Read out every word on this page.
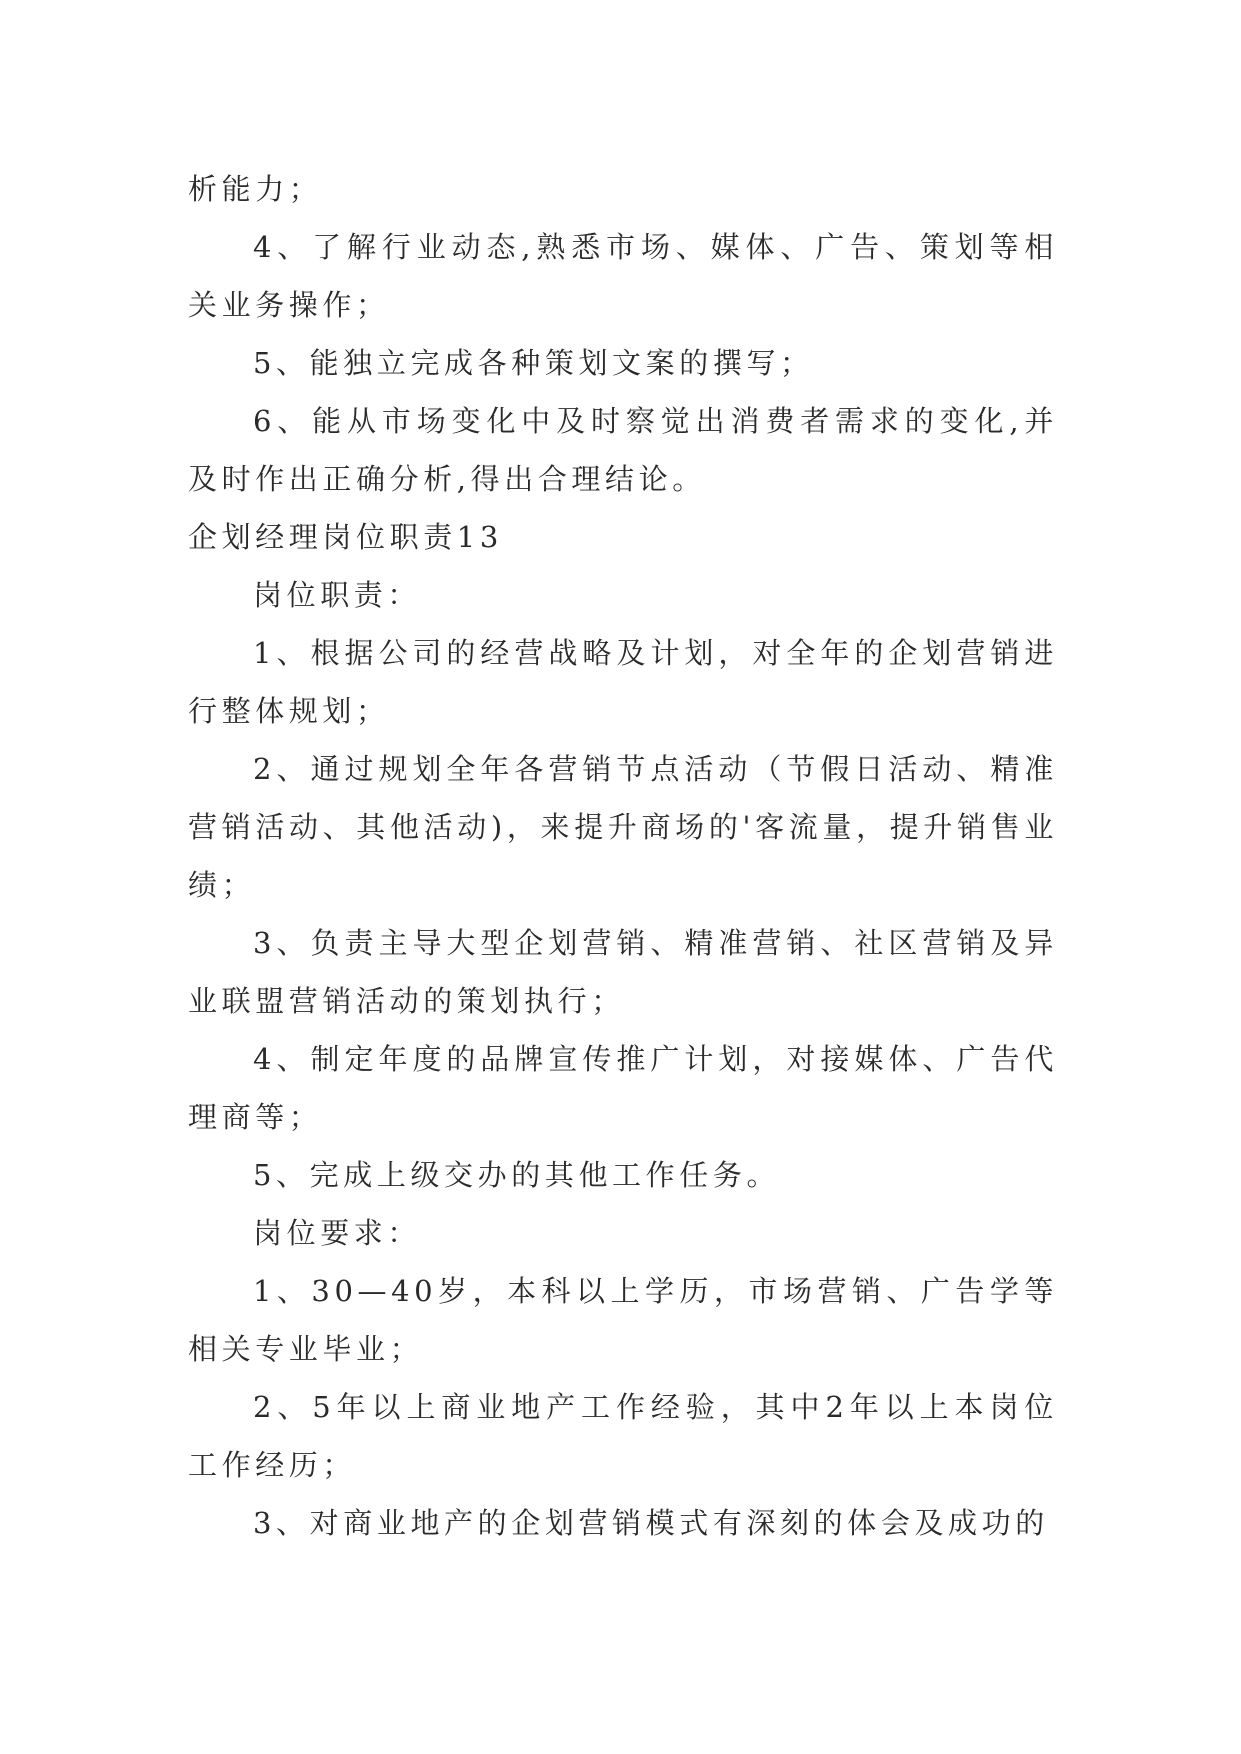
析能力；

4、了解行业动态,熟悉市场、媒体、广告、策划等相关业务操作；

5、能独立完成各种策划文案的撰写；

6、能从市场变化中及时察觉出消费者需求的变化,并及时作出正确分析,得出合理结论。

企划经理岗位职责13

岗位职责：

1、根据公司的经营战略及计划，对全年的企划营销进行整体规划；

2、通过规划全年各营销节点活动（节假日活动、精准营销活动、其他活动)，来提升商场的'客流量，提升销售业绩；

3、负责主导大型企划营销、精准营销、社区营销及异业联盟营销活动的策划执行；

4、制定年度的品牌宣传推广计划，对接媒体、广告代理商等；

5、完成上级交办的其他工作任务。

岗位要求：

1、30—40岁，本科以上学历，市场营销、广告学等相关专业毕业；

2、5年以上商业地产工作经验，其中2年以上本岗位工作经历；

3、对商业地产的企划营销模式有深刻的体会及成功的
